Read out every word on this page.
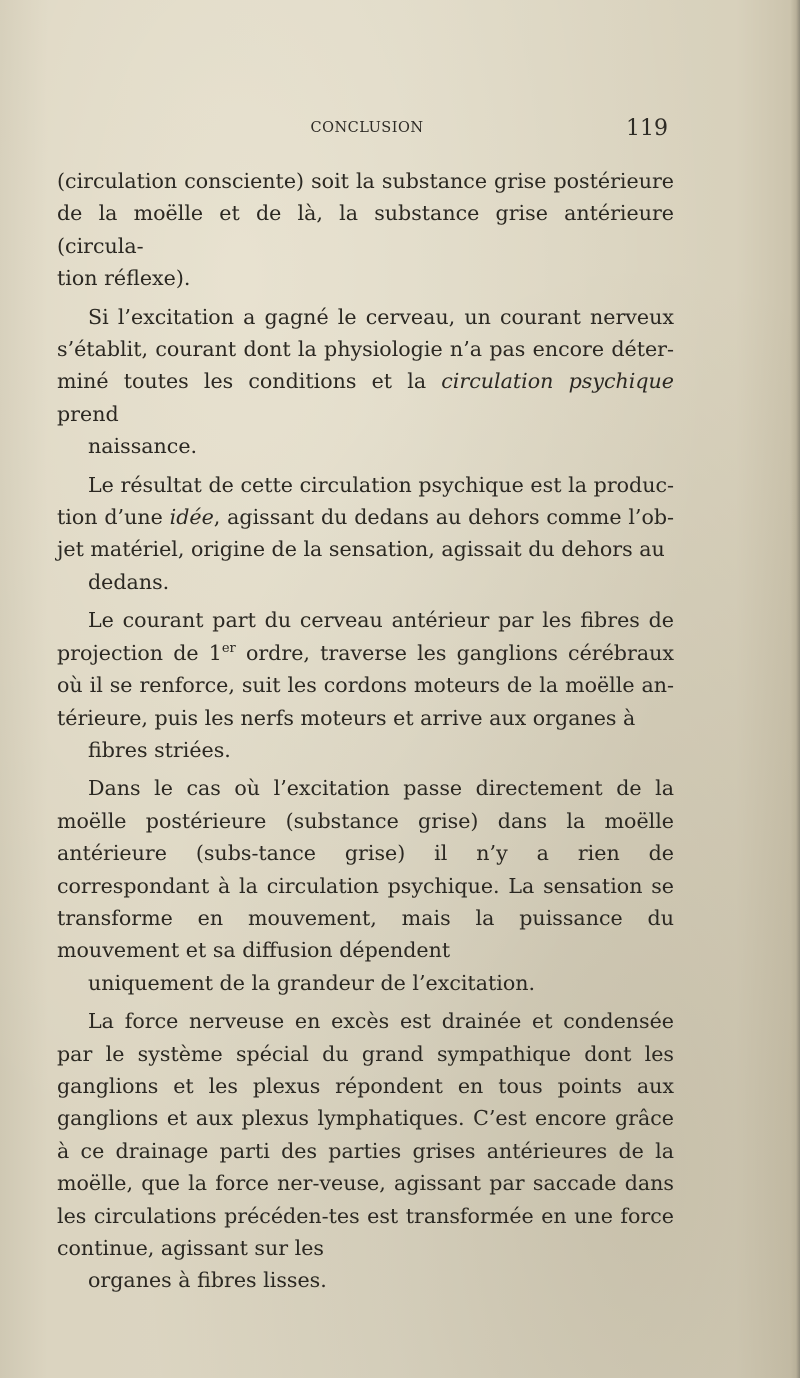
CONCLUSION	119

(circulation consciente) soit la substance grise postérieure de la moëlle et de là, la substance grise antérieure (circula-
tion réflexe).

Si l’excitation a gagné le cerveau, un courant nerveux s’établit, courant dont la physiologie n’a pas encore déter-miné toutes les conditions et la circulation psychique prend
naissance.

Le résultat de cette circulation psychique est la produc-tion d’une idée, agissant du dedans au dehors comme l’ob-jet matériel, origine de la sensation, agissait du dehors au
dedans.

Le courant part du cerveau antérieur par les fibres de projection de 1er ordre, traverse les ganglions cérébraux où il se renforce, suit les cordons moteurs de la moëlle an-térieure, puis les nerfs moteurs et arrive aux organes à
fibres striées.

Dans le cas où l’excitation passe directement de la moëlle postérieure (substance grise) dans la moëlle antérieure (subs-tance grise) il n’y a rien de correspondant à la circulation psychique. La sensation se transforme en mouvement, mais la puissance du mouvement et sa diffusion dépendent
uniquement de la grandeur de l’excitation.

La force nerveuse en excès est drainée et condensée par le système spécial du grand sympathique dont les ganglions et les plexus répondent en tous points aux ganglions et aux plexus lymphatiques. C’est encore grâce à ce drainage parti des parties grises antérieures de la moëlle, que la force ner-veuse, agissant par saccade dans les circulations précéden-tes est transformée en une force continue, agissant sur les
organes à fibres lisses.
